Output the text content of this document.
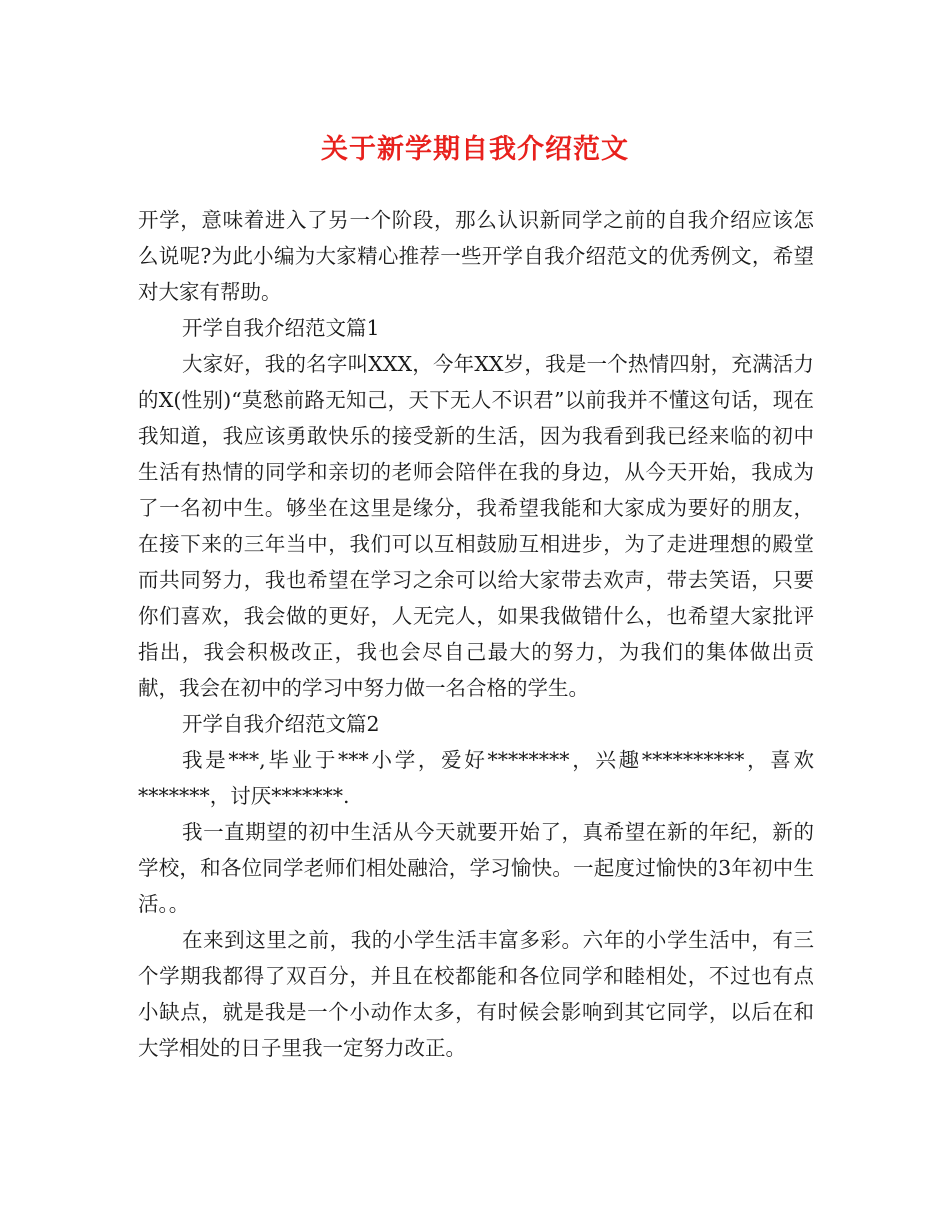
关于新学期自我介绍范文

开学，意味着进入了另一个阶段，那么认识新同学之前的自我介绍应该怎么说呢?为此小编为大家精心推荐一些开学自我介绍范文的优秀例文，希望对大家有帮助。

开学自我介绍范文篇1

大家好，我的名字叫XXX，今年XX岁，我是一个热情四射，充满活力的X(性别)“莫愁前路无知己，天下无人不识君”以前我并不懂这句话，现在我知道，我应该勇敢快乐的接受新的生活，因为我看到我已经来临的初中生活有热情的同学和亲切的老师会陪伴在我的身边，从今天开始，我成为了一名初中生。够坐在这里是缘分，我希望我能和大家成为要好的朋友，在接下来的三年当中，我们可以互相鼓励互相进步，为了走进理想的殿堂而共同努力，我也希望在学习之余可以给大家带去欢声，带去笑语，只要你们喜欢，我会做的更好，人无完人，如果我做错什么，也希望大家批评指出，我会积极改正，我也会尽自己最大的努力，为我们的集体做出贡献，我会在初中的学习中努力做一名合格的学生。

开学自我介绍范文篇2

我是***,毕业于***小学，爱好********，兴趣**********，喜欢*******，讨厌*******.

我一直期望的初中生活从今天就要开始了，真希望在新的年纪，新的学校，和各位同学老师们相处融洽，学习愉快。一起度过愉快的3年初中生活。。

在来到这里之前，我的小学生活丰富多彩。六年的小学生活中，有三个学期我都得了双百分，并且在校都能和各位同学和睦相处，不过也有点小缺点，就是我是一个小动作太多，有时候会影响到其它同学，以后在和大学相处的日子里我一定努力改正。
